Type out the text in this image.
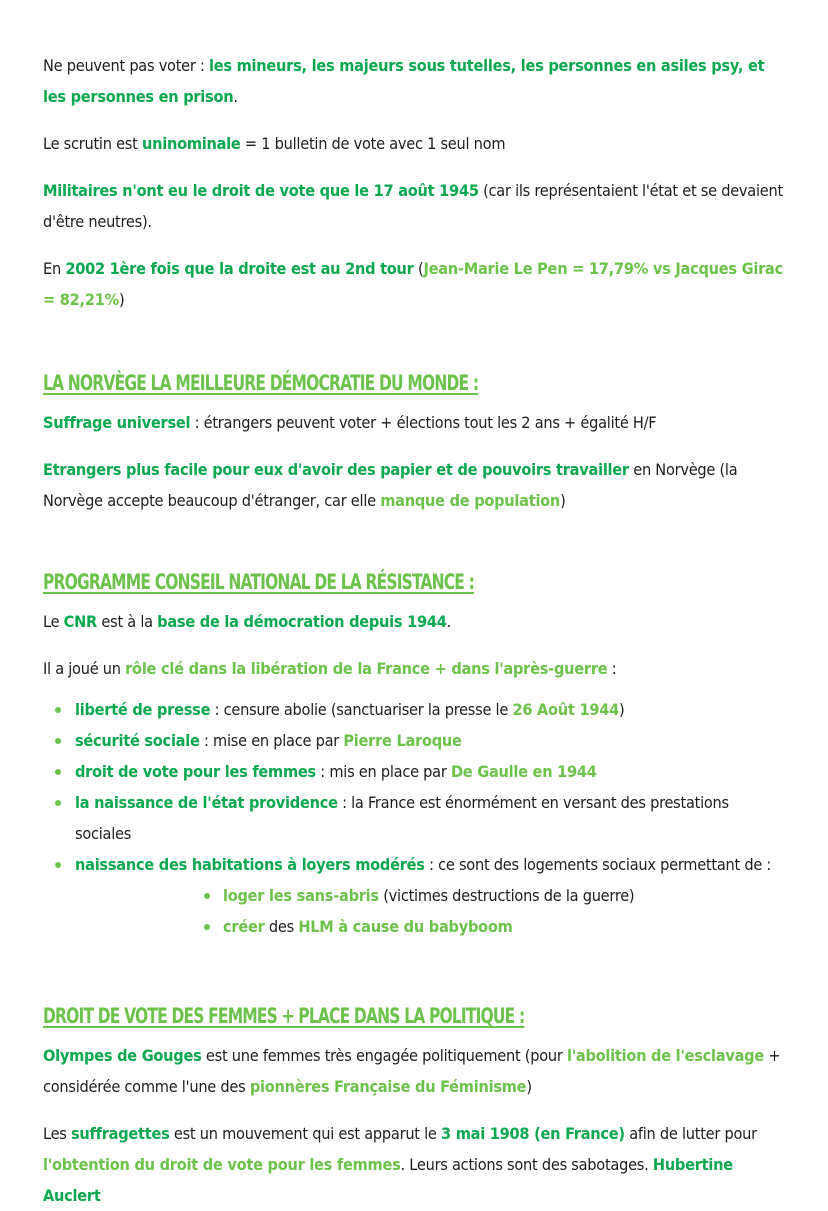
Ne peuvent pas voter : les mineurs, les majeurs sous tutelles, les personnes en asiles psy, et les personnes en prison.

Le scrutin est uninominale = 1 bulletin de vote avec 1 seul nom

Militaires n'ont eu le droit de vote que le 17 août 1945 (car ils représentaient l'état et se devaient d'être neutres).

En 2002 1ère fois que la droite est au 2nd tour (Jean-Marie Le Pen = 17,79% vs Jacques Girac = 82,21%)

LA NORVÈGE LA MEILLEURE DÉMOCRATIE DU MONDE :

Suffrage universel : étrangers peuvent voter + élections tout les 2 ans + égalité H/F

Etrangers plus facile pour eux d'avoir des papier et de pouvoirs travailler en Norvège (la Norvège accepte beaucoup d'étranger, car elle manque de population)

PROGRAMME CONSEIL NATIONAL DE LA RÉSISTANCE :

Le CNR est à la base de la démocration depuis 1944.

Il a joué un rôle clé dans la libération de la France + dans l'après-guerre :

liberté de presse : censure abolie (sanctuariser la presse le 26 Août 1944)
sécurité sociale : mise en place par Pierre Laroque
droit de vote pour les femmes : mis en place par De Gaulle en 1944
la naissance de l'état providence : la France est énormément en versant des prestations sociales
naissance des habitations à loyers modérés : ce sont des logements sociaux permettant de :
loger les sans-abris (victimes destructions de la guerre)
créer des HLM à cause du babyboom
DROIT DE VOTE DES FEMMES + PLACE DANS LA POLITIQUE :

Olympes de Gouges est une femmes très engagée politiquement (pour l'abolition de l'esclavage + considérée comme l'une des pionnères Française du Féminisme)

Les suffragettes est un mouvement qui est apparut le 3 mai 1908 (en France) afin de lutter pour l'obtention du droit de vote pour les femmes. Leurs actions sont des sabotages. Hubertine Auclert
